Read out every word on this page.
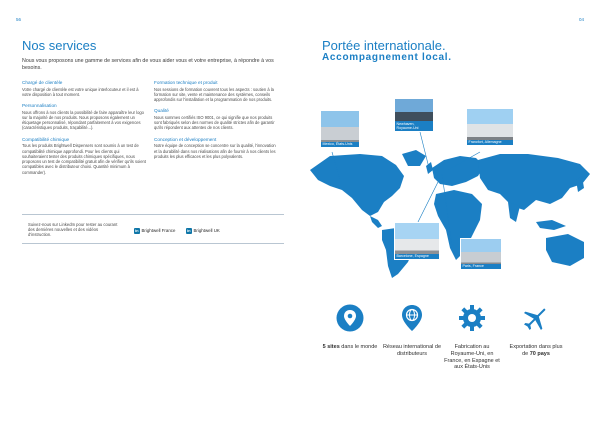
56	04
Nos services
Nous vous proposons une gamme de services afin de vous aider vous et votre entreprise, à répondre à vos besoins.
Chargé de clientèle

Votre chargé de clientèle est votre unique interlocuteur et il est à votre disposition à tout moment.

Personnalisation

Nous offrons à nos clients la possibilité de faire apparaître leur logo sur la majorité de nos produits. Nous proposons également un étiquetage personnalisé, répondant parfaitement à vos exigences (caractéristiques produits, traçabilité...).

Compatibilité chimique

Tous les produits Brightwell Dispensers sont soumis à un test de compatibilité chimique approfondi. Pour les clients qui souhaiteraient tester des produits chimiques spécifiques, nous proposons un test de compatibilité gratuit afin de vérifier qu'ils soient compatibles avec le distributeur choisi. Quantité minimum à commander).

Formation technique et produit

Nos sessions de formation couvrent tous les aspects : soutien à la formation sur site, vente et maintenance des systèmes, conseils approfondis sur l'installation et la programmation de nos produits.

Qualité

Nous sommes certifiés ISO 9001, ce qui signifie que nos produits sont fabriqués selon des normes de qualité strictes afin de garantir qu'ils répondent aux attentes de nos clients.

Conception et développement

Notre équipe de conception se concentre sur la qualité, l'innovation et la durabilité dans nos réalisations afin de fournir à nos clients les produits les plus efficaces et les plus polyvalents.

Suivez-nous sur LinkedIn pour rester au courant des dernières nouvelles et des vidéos d'instruction.
in Brightwell France	in Brightwell UK
Portée internationale.
Accompagnement local.
Mexico, États-Unis
Newhaven, Royaume-Uni
Francfort, Allemagne
Barcelone, Espagne
Paris, France
5 sites dans le monde	Réseau international de distributeurs
Fabrication au Royaume-Uni, en France, en Espagne et aux États-Unis
Exportation dans plus de 70 pays
